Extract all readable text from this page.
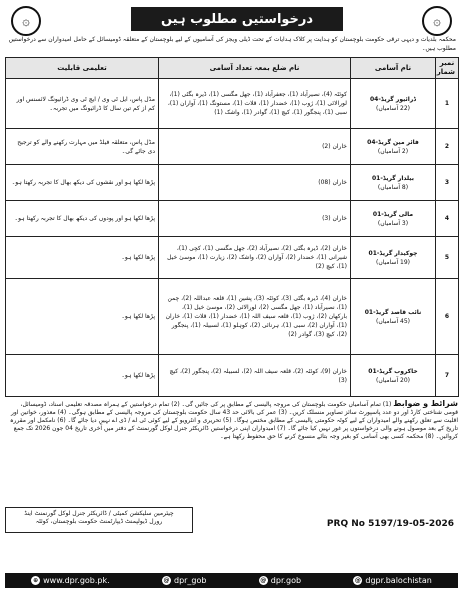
۞	درخواستیں مطلوب ہیں	۞
محکمہ بلدیات و دیہی ترقی حکومت بلوچستان کو ہدایت پر کلاک ہدایات کے تحت ڈیلی ویجز کی آسامیوں کے لیے بلوچستان کے متعلقہ ڈومیسائل کے حامل امیدواران سے درخواستیں مطلوب ہیں۔
نمبر شمار	نام آسامی	نام ضلع بمعہ تعداد آسامی	تعلیمی قابلیت
1	ڈرائیور گریڈ-04
(22 آسامیاں)	کوئٹہ (4)، نصیرآباد (1)، جعفرآباد (1)، جھل مگسی (1)، ڈیرہ بگٹی (1)، لورالائی (1)، ژوب (1)، خضدار (1)، قلات (1)، مستونگ (1)، آواران (1)، سبی (1)، پنجگور (1)، کیچ (1)، گوادر (1)، واشک (1)	مڈل پاس، ایل ٹی وی / ایچ ٹی وی ڈرائیونگ لائسنس اور کم از کم تین سال کا ڈرائیونگ میں تجربہ۔
2	فائر مین گریڈ-04
(2 آسامیاں)	خاران (2)	مڈل پاس، متعلقہ فیلڈ میں مہارت رکھنے والے کو ترجیح دی جائے گی۔
3	بیلدار گریڈ-01
(8 آسامیاں)	خاران (08)	پڑھا لکھا ہو اور نقشوں کی دیکھ بھال کا تجربہ رکھتا ہو۔
4	مالی گریڈ-01
(3 آسامیاں)	خاران (3)	پڑھا لکھا ہو اور پودوں کی دیکھ بھال کا تجربہ رکھتا ہو۔
5	چوکیدار گریڈ-01
(19 آسامیاں)	خاران (2)، ڈیرہ بگٹی (2)، نصیرآباد (2)، جھل مگسی (1)، کچی (1)، شیرانی (1)، خضدار (2)، آواران (2)، واشک (2)، زیارت (1)، موسیٰ خیل (1)، کیچ (2)	پڑھا لکھا ہو۔
6	نائب قاصد گریڈ-01
(45 آسامیاں)	خاران (4)، ڈیرہ بگٹی (3)، کوئٹہ (3)، پشین (1)، قلعہ عبداللہ (2)، چمن (1)، نصیرآباد (1)، جھل مگسی (2)، لورالائی (2)، موسیٰ خیل (1)، بارکھان (2)، ژوب (1)، قلعہ سیف اللہ (1)، خضدار (1)، قلات (1)، خاران (1)، آواران (2)، سبی (1)، ہرنائی (2)، کوہلو (1)، لسبیلہ (1)، پنجگور (2)، کیچ (3)، گوادر (2)	پڑھا لکھا ہو۔
7	خاکروب گریڈ-01
(20 آسامیاں)	خاران (9)، کوئٹہ (2)، قلعہ سیف اللہ (2)، لسبیلہ (2)، پنجگور (2)، کیچ (3)	پڑھا لکھا ہو۔
شرائط و ضوابط (1) تمام آسامیاں حکومت بلوچستان کی مروجہ پالیسی کے مطابق پر کی جائیں گی۔ (2) تمام درخواستیں کے ہمراہ مصدقہ تعلیمی اسناد، ڈومیسائل، قومی شناختی کارڈ اور دو عدد پاسپورٹ سائز تصاویر منسلک کریں۔ (3) عمر کی بالائی حد 43 سال حکومت بلوچستان کی مروجہ پالیسی کے مطابق ہوگی۔ (4) معذور، خواتین اور اقلیت سے تعلق رکھنے والے امیدواران کے لیے کوٹہ حکومتی پالیسی کے مطابق مختص ہوگا۔ (5) تحریری و انٹرویو کے لیے کوئی ٹی اے / ڈی اے نہیں دیا جائے گا۔ (6) نامکمل اور مقررہ تاریخ کے بعد موصول ہونے والی درخواستوں پر غور نہیں کیا جائے گا۔ (7) امیدواران اپنی درخواستیں ڈائریکٹر جنرل لوکل گورنمنٹ کے دفتر میں آخری تاریخ 04 جون 2026 تک جمع کروائیں۔ (8) محکمہ کسی بھی آسامی کو بغیر وجہ بتائے منسوخ کرنے کا حق محفوظ رکھتا ہے۔
چیئرمین سلیکشن کمیٹی / ڈائریکٹر جنرل لوکل گورنمنٹ اینڈ
رورل ڈیولپمنٹ ڈیپارٹمنٹ حکومت بلوچستان، کوئٹہ	PRQ No 5197/19-05-2026
⊕ www.dpr.gob.pk.	@ dpr_gob	@ dpr.gob	@ dgpr.balochistan
